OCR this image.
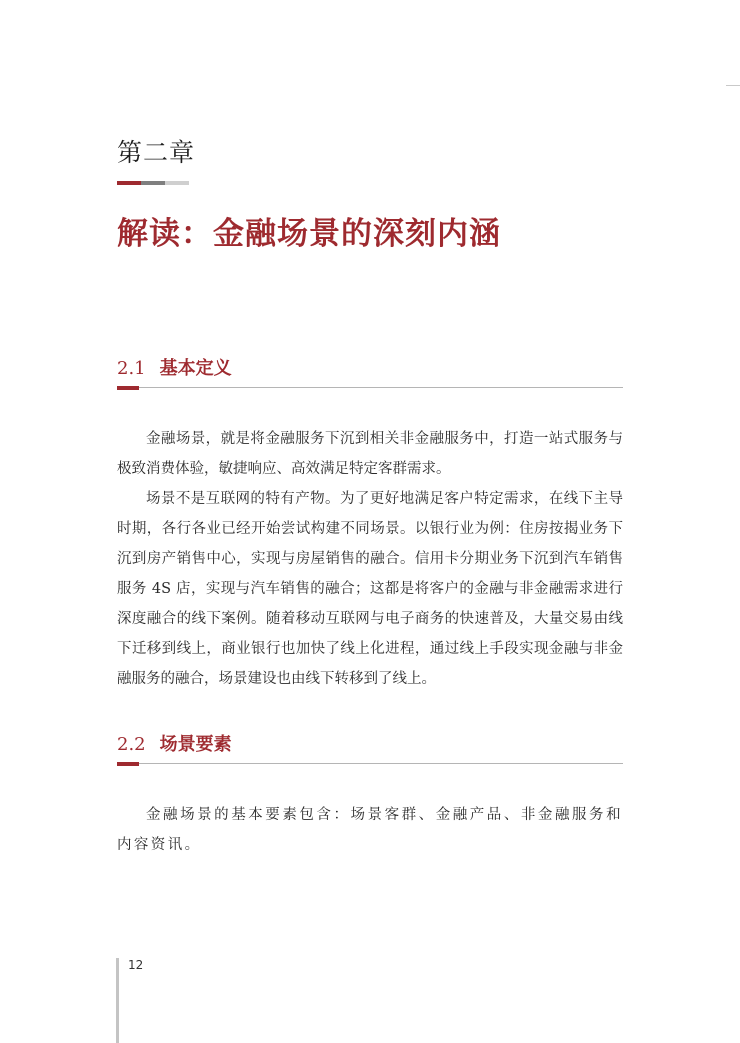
第二章
解读：金融场景的深刻内涵
2.1 基本定义

金融场景，就是将金融服务下沉到相关非金融服务中，打造一站式服务与极致消费体验，敏捷响应、高效满足特定客群需求。

场景不是互联网的特有产物。为了更好地满足客户特定需求，在线下主导时期，各行各业已经开始尝试构建不同场景。以银行业为例：住房按揭业务下沉到房产销售中心，实现与房屋销售的融合。信用卡分期业务下沉到汽车销售服务 4S 店，实现与汽车销售的融合；这都是将客户的金融与非金融需求进行深度融合的线下案例。随着移动互联网与电子商务的快速普及，大量交易由线下迁移到线上，商业银行也加快了线上化进程，通过线上手段实现金融与非金融服务的融合，场景建设也由线下转移到了线上。

2.2 场景要素

金融场景的基本要素包含：场景客群、金融产品、非金融服务和内容资讯。

12
